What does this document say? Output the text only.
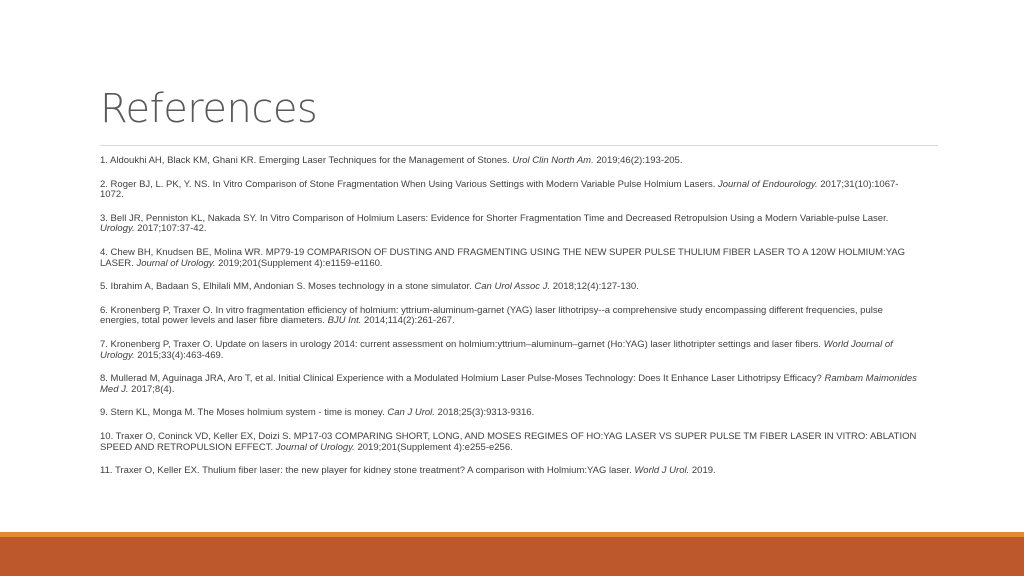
References
1. Aldoukhi AH, Black KM, Ghani KR. Emerging Laser Techniques for the Management of Stones. Urol Clin North Am. 2019;46(2):193-205.
2. Roger BJ, L. PK, Y. NS. In Vitro Comparison of Stone Fragmentation When Using Various Settings with Modern Variable Pulse Holmium Lasers. Journal of Endourology. 2017;31(10):1067-1072.
3. Bell JR, Penniston KL, Nakada SY. In Vitro Comparison of Holmium Lasers: Evidence for Shorter Fragmentation Time and Decreased Retropulsion Using a Modern Variable-pulse Laser. Urology. 2017;107:37-42.
4. Chew BH, Knudsen BE, Molina WR. MP79-19 COMPARISON OF DUSTING AND FRAGMENTING USING THE NEW SUPER PULSE THULIUM FIBER LASER TO A 120W HOLMIUM:YAG LASER. Journal of Urology. 2019;201(Supplement 4):e1159-e1160.
5. Ibrahim A, Badaan S, Elhilali MM, Andonian S. Moses technology in a stone simulator. Can Urol Assoc J. 2018;12(4):127-130.
6. Kronenberg P, Traxer O. In vitro fragmentation efficiency of holmium: yttrium-aluminum-garnet (YAG) laser lithotripsy--a comprehensive study encompassing different frequencies, pulse energies, total power levels and laser fibre diameters. BJU Int. 2014;114(2):261-267.
7. Kronenberg P, Traxer O. Update on lasers in urology 2014: current assessment on holmium:yttrium–aluminum–garnet (Ho:YAG) laser lithotripter settings and laser fibers. World Journal of Urology. 2015;33(4):463-469.
8. Mullerad M, Aguinaga JRA, Aro T, et al. Initial Clinical Experience with a Modulated Holmium Laser Pulse-Moses Technology: Does It Enhance Laser Lithotripsy Efficacy? Rambam Maimonides Med J. 2017;8(4).
9. Stern KL, Monga M. The Moses holmium system - time is money. Can J Urol. 2018;25(3):9313-9316.
10. Traxer O, Coninck VD, Keller EX, Doizi S. MP17-03 COMPARING SHORT, LONG, AND MOSES REGIMES OF HO:YAG LASER VS SUPER PULSE TM FIBER LASER IN VITRO: ABLATION SPEED AND RETROPULSION EFFECT. Journal of Urology. 2019;201(Supplement 4):e255-e256.
11. Traxer O, Keller EX. Thulium fiber laser: the new player for kidney stone treatment? A comparison with Holmium:YAG laser. World J Urol. 2019.
